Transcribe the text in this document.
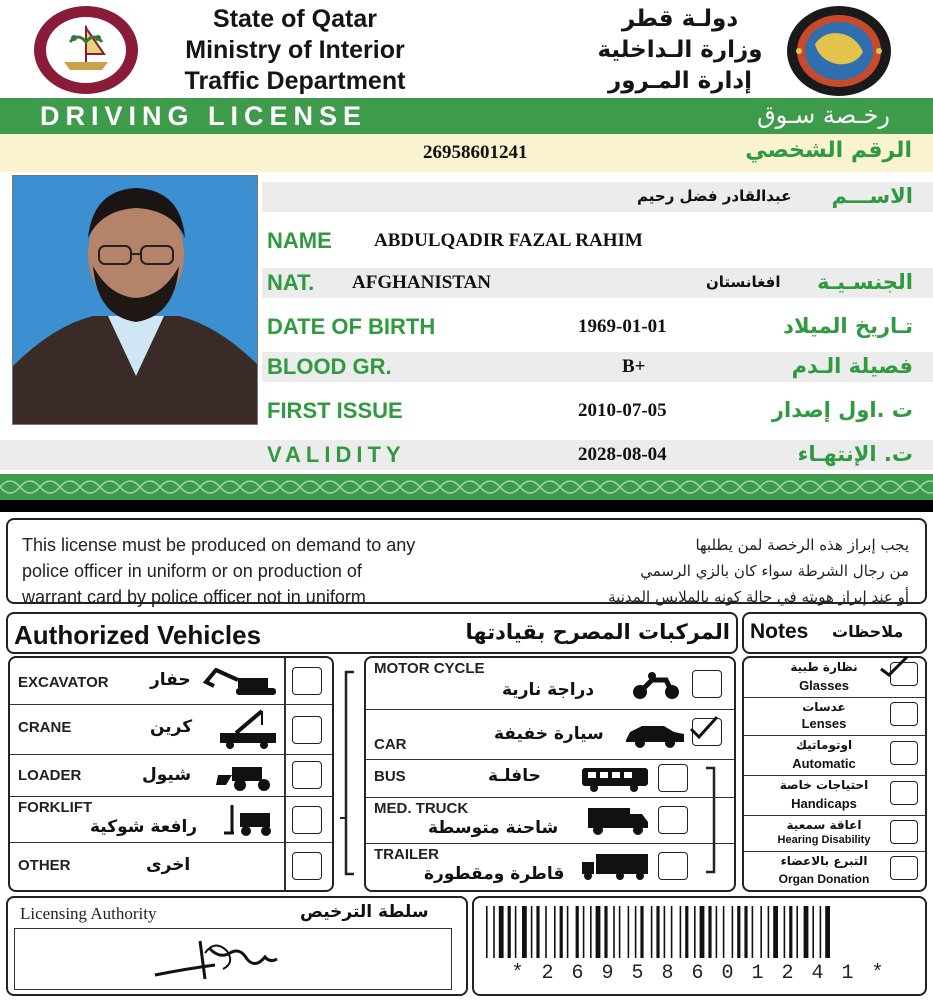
State of Qatar
Ministry of Interior
Traffic Department
دولـة قطر
وزارة الـداخلية
إدارة المـرور
DRIVING LICENSE	رخـصة سـوق
26958601241	الرقم الشخصي
عبدالقادر فضل رحيم الاســـم
NAME ABDULQADIR FAZAL RAHIM
NAT. AFGHANISTAN	افغانستان الجنسـيـة
DATE OF BIRTH	1969-01-01	تـاريخ الميلاد
BLOOD GR.	B+	فصيلة الـدم
FIRST ISSUE	2010-07-05	ت .اول إصدار
VALIDITY	2028-08-04	ت. الإنتهـاء
This license must be produced on demand to any
police officer in uniform or on production of
warrant card by police officer not in uniform
يجب إبراز هذه الرخصة لمن يطلبها
من رجال الشرطة سواء كان بالزي الرسمي
أو عند إبراز هويته في حالة كونه بالملابس المدنية
Authorized Vehicles	المركبات المصرح بقيادتها Notes ملاحظات
EXCAVATOR حفار
CRANE	كرين
LOADER	شيول
FORKLIFT
رافعة شوكية
OTHER	اخرى
MOTOR CYCLE
دراجة نارية
CAR
سيارة خفيفة
BUS	حافلـة
MED. TRUCK
شاحنة متوسطة
TRAILER
قاطرة ومقطورة
نظارة طبية
Glasses
عدسات
Lenses
اوتوماتيك
Automatic
احتياجات خاصة
Handicaps
اعاقة سمعية
Hearing Disability
التبرع بالاعضاء
Organ Donation
Licensing Authority	سلطة الترخيص
* 2 6 9 5 8 6 0 1 2 4 1 *
